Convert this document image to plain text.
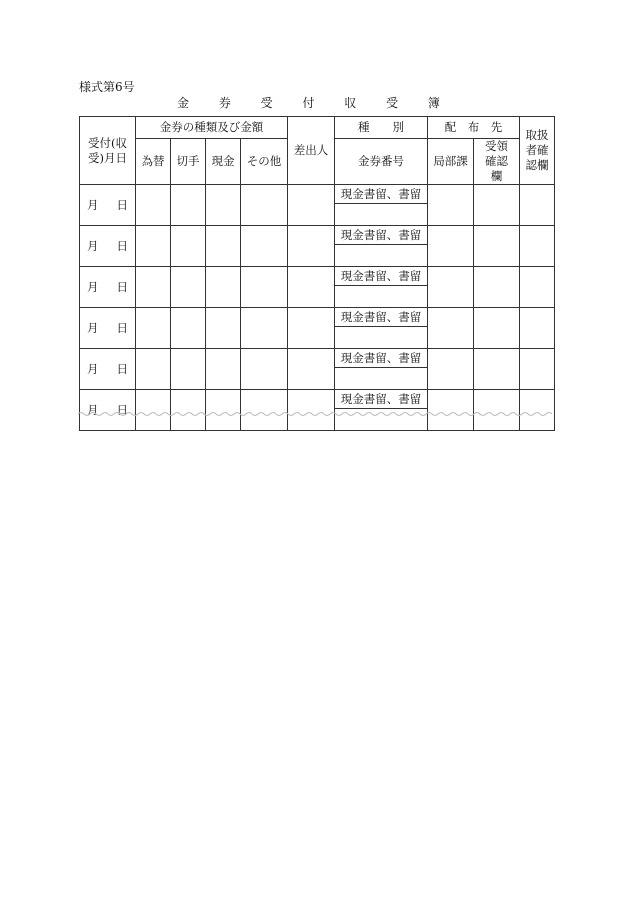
様式第6号
金 券 受 付 収 受 簿
受付(収受)月日	金券の種類及び金額				差出人	種　　別	配　布　先		取扱者確認欄
	為替	切手	現金	その他		金券番号	局部課	受領確認欄	
月 日						現金書留、書留			

月 日						現金書留、書留			

月 日						現金書留、書留			

月 日						現金書留、書留			

月 日						現金書留、書留			

月 日						現金書留、書留			
